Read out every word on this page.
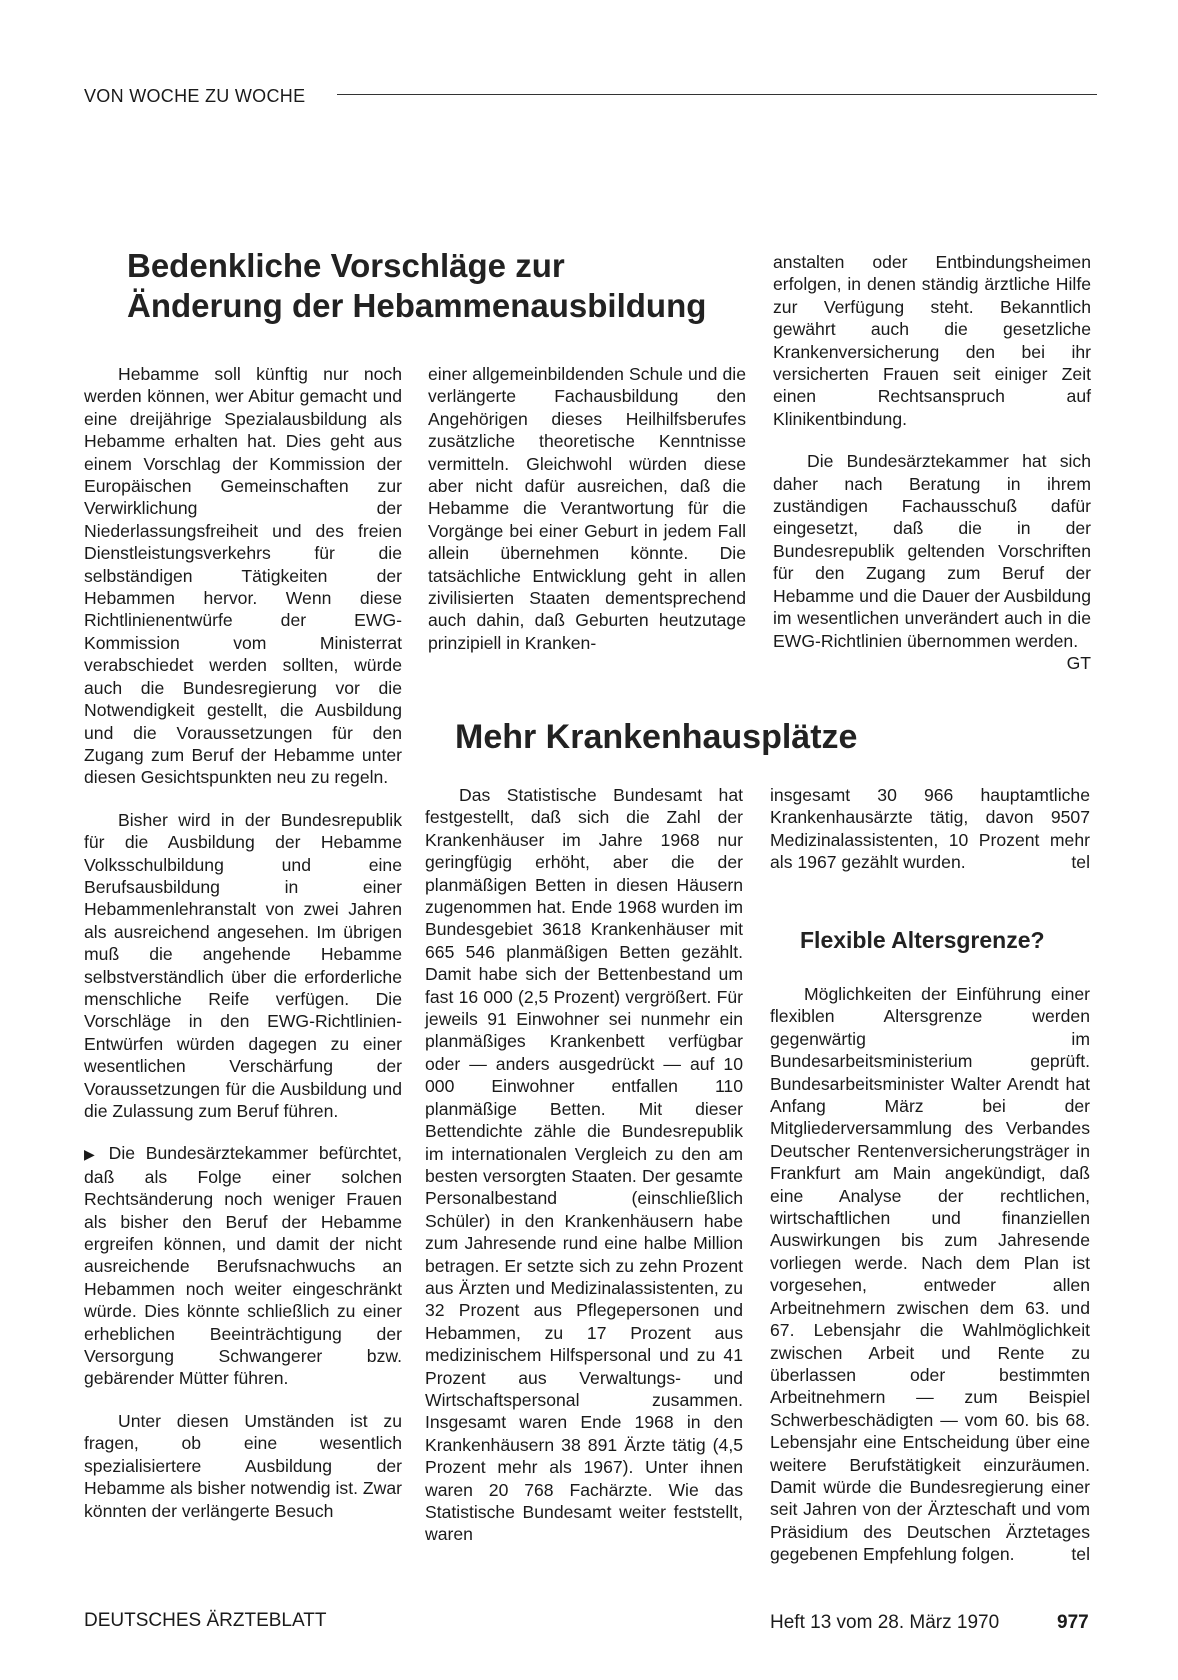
VON WOCHE ZU WOCHE
Bedenkliche Vorschläge zur
Änderung der Hebammenausbildung

Hebamme soll künftig nur noch werden können, wer Abitur gemacht und eine dreijährige Spezialausbildung als Hebamme erhalten hat. Dies geht aus einem Vorschlag der Kommission der Europäischen Gemeinschaften zur Verwirklichung der Niederlassungsfreiheit und des freien Dienstleistungsverkehrs für die selbständigen Tätigkeiten der Hebammen hervor. Wenn diese Richtlinienentwürfe der EWG-Kommission vom Ministerrat verabschiedet werden sollten, würde auch die Bundesregierung vor die Notwendigkeit gestellt, die Ausbildung und die Voraussetzungen für den Zugang zum Beruf der Hebamme unter diesen Gesichtspunkten neu zu regeln.

Bisher wird in der Bundesrepublik für die Ausbildung der Hebamme Volksschulbildung und eine Berufsausbildung in einer Hebammenlehranstalt von zwei Jahren als ausreichend angesehen. Im übrigen muß die angehende Hebamme selbstverständlich über die erforderliche menschliche Reife verfügen. Die Vorschläge in den EWG-Richtlinien-Entwürfen würden dagegen zu einer wesentlichen Verschärfung der Voraussetzungen für die Ausbildung und die Zulassung zum Beruf führen.

▶ Die Bundesärztekammer befürchtet, daß als Folge einer solchen Rechtsänderung noch weniger Frauen als bisher den Beruf der Hebamme ergreifen können, und damit der nicht ausreichende Berufsnachwuchs an Hebammen noch weiter eingeschränkt würde. Dies könnte schließlich zu einer erheblichen Beeinträchtigung der Versorgung Schwangerer bzw. gebärender Mütter führen.

Unter diesen Umständen ist zu fragen, ob eine wesentlich spezialisiertere Ausbildung der Hebamme als bisher notwendig ist. Zwar könnten der verlängerte Besuch

einer allgemeinbildenden Schule und die verlängerte Fachausbildung den Angehörigen dieses Heilhilfsberufes zusätzliche theoretische Kenntnisse vermitteln. Gleichwohl würden diese aber nicht dafür ausreichen, daß die Hebamme die Verantwortung für die Vorgänge bei einer Geburt in jedem Fall allein übernehmen könnte. Die tatsächliche Entwicklung geht in allen zivilisierten Staaten dementsprechend auch dahin, daß Geburten heutzutage prinzipiell in Kranken-

anstalten oder Entbindungsheimen erfolgen, in denen ständig ärztliche Hilfe zur Verfügung steht. Bekanntlich gewährt auch die gesetzliche Krankenversicherung den bei ihr versicherten Frauen seit einiger Zeit einen Rechtsanspruch auf Klinikentbindung.

Die Bundesärztekammer hat sich daher nach Beratung in ihrem zuständigen Fachausschuß dafür eingesetzt, daß die in der Bundesrepublik geltenden Vorschriften für den Zugang zum Beruf der Hebamme und die Dauer der Ausbildung im wesentlichen unverändert auch in die EWG-Richtlinien übernommen werden.
GT

Mehr Krankenhausplätze

Das Statistische Bundesamt hat festgestellt, daß sich die Zahl der Krankenhäuser im Jahre 1968 nur geringfügig erhöht, aber die der planmäßigen Betten in diesen Häusern zugenommen hat. Ende 1968 wurden im Bundesgebiet 3618 Krankenhäuser mit 665 546 planmäßigen Betten gezählt. Damit habe sich der Bettenbestand um fast 16 000 (2,5 Prozent) vergrößert. Für jeweils 91 Einwohner sei nunmehr ein planmäßiges Krankenbett verfügbar oder — anders ausgedrückt — auf 10 000 Einwohner entfallen 110 planmäßige Betten. Mit dieser Bettendichte zähle die Bundesrepublik im internationalen Vergleich zu den am besten versorgten Staaten. Der gesamte Personalbestand (einschließlich Schüler) in den Krankenhäusern habe zum Jahresende rund eine halbe Million betragen. Er setzte sich zu zehn Prozent aus Ärzten und Medizinalassistenten, zu 32 Prozent aus Pflegepersonen und Hebammen, zu 17 Prozent aus medizinischem Hilfspersonal und zu 41 Prozent aus Verwaltungs- und Wirtschaftspersonal zusammen. Insgesamt waren Ende 1968 in den Krankenhäusern 38 891 Ärzte tätig (4,5 Prozent mehr als 1967). Unter ihnen waren 20 768 Fachärzte. Wie das Statistische Bundesamt weiter feststellt, waren

insgesamt 30 966 hauptamtliche Krankenhausärzte tätig, davon 9507 Medizinalassistenten, 10 Prozent mehr als 1967 gezählt wurden.	tel

Flexible Altersgrenze?

Möglichkeiten der Einführung einer flexiblen Altersgrenze werden gegenwärtig im Bundesarbeitsministerium geprüft. Bundesarbeitsminister Walter Arendt hat Anfang März bei der Mitgliederversammlung des Verbandes Deutscher Rentenversicherungsträger in Frankfurt am Main angekündigt, daß eine Analyse der rechtlichen, wirtschaftlichen und finanziellen Auswirkungen bis zum Jahresende vorliegen werde. Nach dem Plan ist vorgesehen, entweder allen Arbeitnehmern zwischen dem 63. und 67. Lebensjahr die Wahlmöglichkeit zwischen Arbeit und Rente zu überlassen oder bestimmten Arbeitnehmern — zum Beispiel Schwerbeschädigten — vom 60. bis 68. Lebensjahr eine Entscheidung über eine weitere Berufstätigkeit einzuräumen. Damit würde die Bundesregierung einer seit Jahren von der Ärzteschaft und vom Präsidium des Deutschen Ärztetages gegebenen Empfehlung folgen.	tel

DEUTSCHES ÄRZTEBLATT	Heft 13 vom 28. März 1970	977
